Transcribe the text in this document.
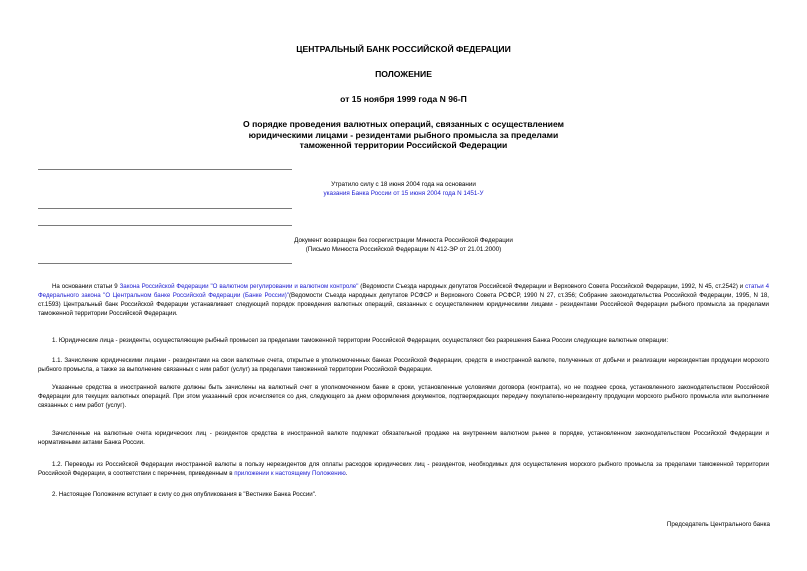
ЦЕНТРАЛЬНЫЙ БАНК РОССИЙСКОЙ ФЕДЕРАЦИИ
ПОЛОЖЕНИЕ
от 15 ноября 1999 года N 96-П
О порядке проведения валютных операций, связанных с осуществлением
юридическими лицами - резидентами рыбного промысла за пределами
таможенной территории Российской Федерации
Утратило силу с 18 июня 2004 года на основании
указания Банка России от 15 июня 2004 года N 1451-У
Документ возвращен без госрегистрации Минюста Российской Федерации
(Письмо Минюста Российской Федерации N 412-ЭР от 21.01.2000)

На основании статьи 9 Закона Российской Федерации "О валютном регулировании и валютном контроле" (Ведомости Съезда народных депутатов Российской Федерации и Верховного Совета Российской Федерации, 1992, N 45, ст.2542) и статьи 4 Федерального закона "О Центральном банке Российской Федерации (Банке России)"(Ведомости Съезда народных депутатов РСФСР и Верховного Совета РСФСР, 1990 N 27, ст.356; Собрание законодательства Российской Федерации, 1995, N 18, ст.1593) Центральный банк Российской Федерации устанавливает следующий порядок проведения валютных операций, связанных с осуществлением юридическими лицами - резидентами Российской Федерации рыбного промысла за пределами таможенной территории Российской Федерации.

1. Юридические лица - резиденты, осуществляющие рыбный промысел за пределами таможенной территории Российской Федерации, осуществляют без разрешения Банка России следующие валютные операции:

1.1. Зачисление юридическими лицами - резидентами на свои валютные счета, открытые в уполномоченных банках Российской Федерации, средств в иностранной валюте, полученных от добычи и реализации нерезидентам продукции морского рыбного промысла, а также за выполнение связанных с ним работ (услуг) за пределами таможенной территории Российской Федерации.

Указанные средства в иностранной валюте должны быть зачислены на валютный счет в уполномоченном банке в сроки, установленные условиями договора (контракта), но не позднее срока, установленного законодательством Российской Федерации для текущих валютных операций. При этом указанный срок исчисляется со дня, следующего за днем оформления документов, подтверждающих передачу покупателю-нерезиденту продукции морского рыбного промысла или выполнение связанных с ним работ (услуг).

Зачисленные на валютные счета юридических лиц - резидентов средства в иностранной валюте подлежат обязательной продаже на внутреннем валютном рынке в порядке, установленном законодательством Российской Федерации и нормативными актами Банка России.

1.2. Переводы из Российской Федерации иностранной валюты в пользу нерезидентов для оплаты расходов юридических лиц - резидентов, необходимых для осуществления морского рыбного промысла за пределами таможенной территории Российской Федерации, в соответствии с перечнем, приведенным в приложении к настоящему Положению.

2. Настоящее Положение вступает в силу со дня опубликования в "Вестнике Банка России".

Председатель Центрального банка
